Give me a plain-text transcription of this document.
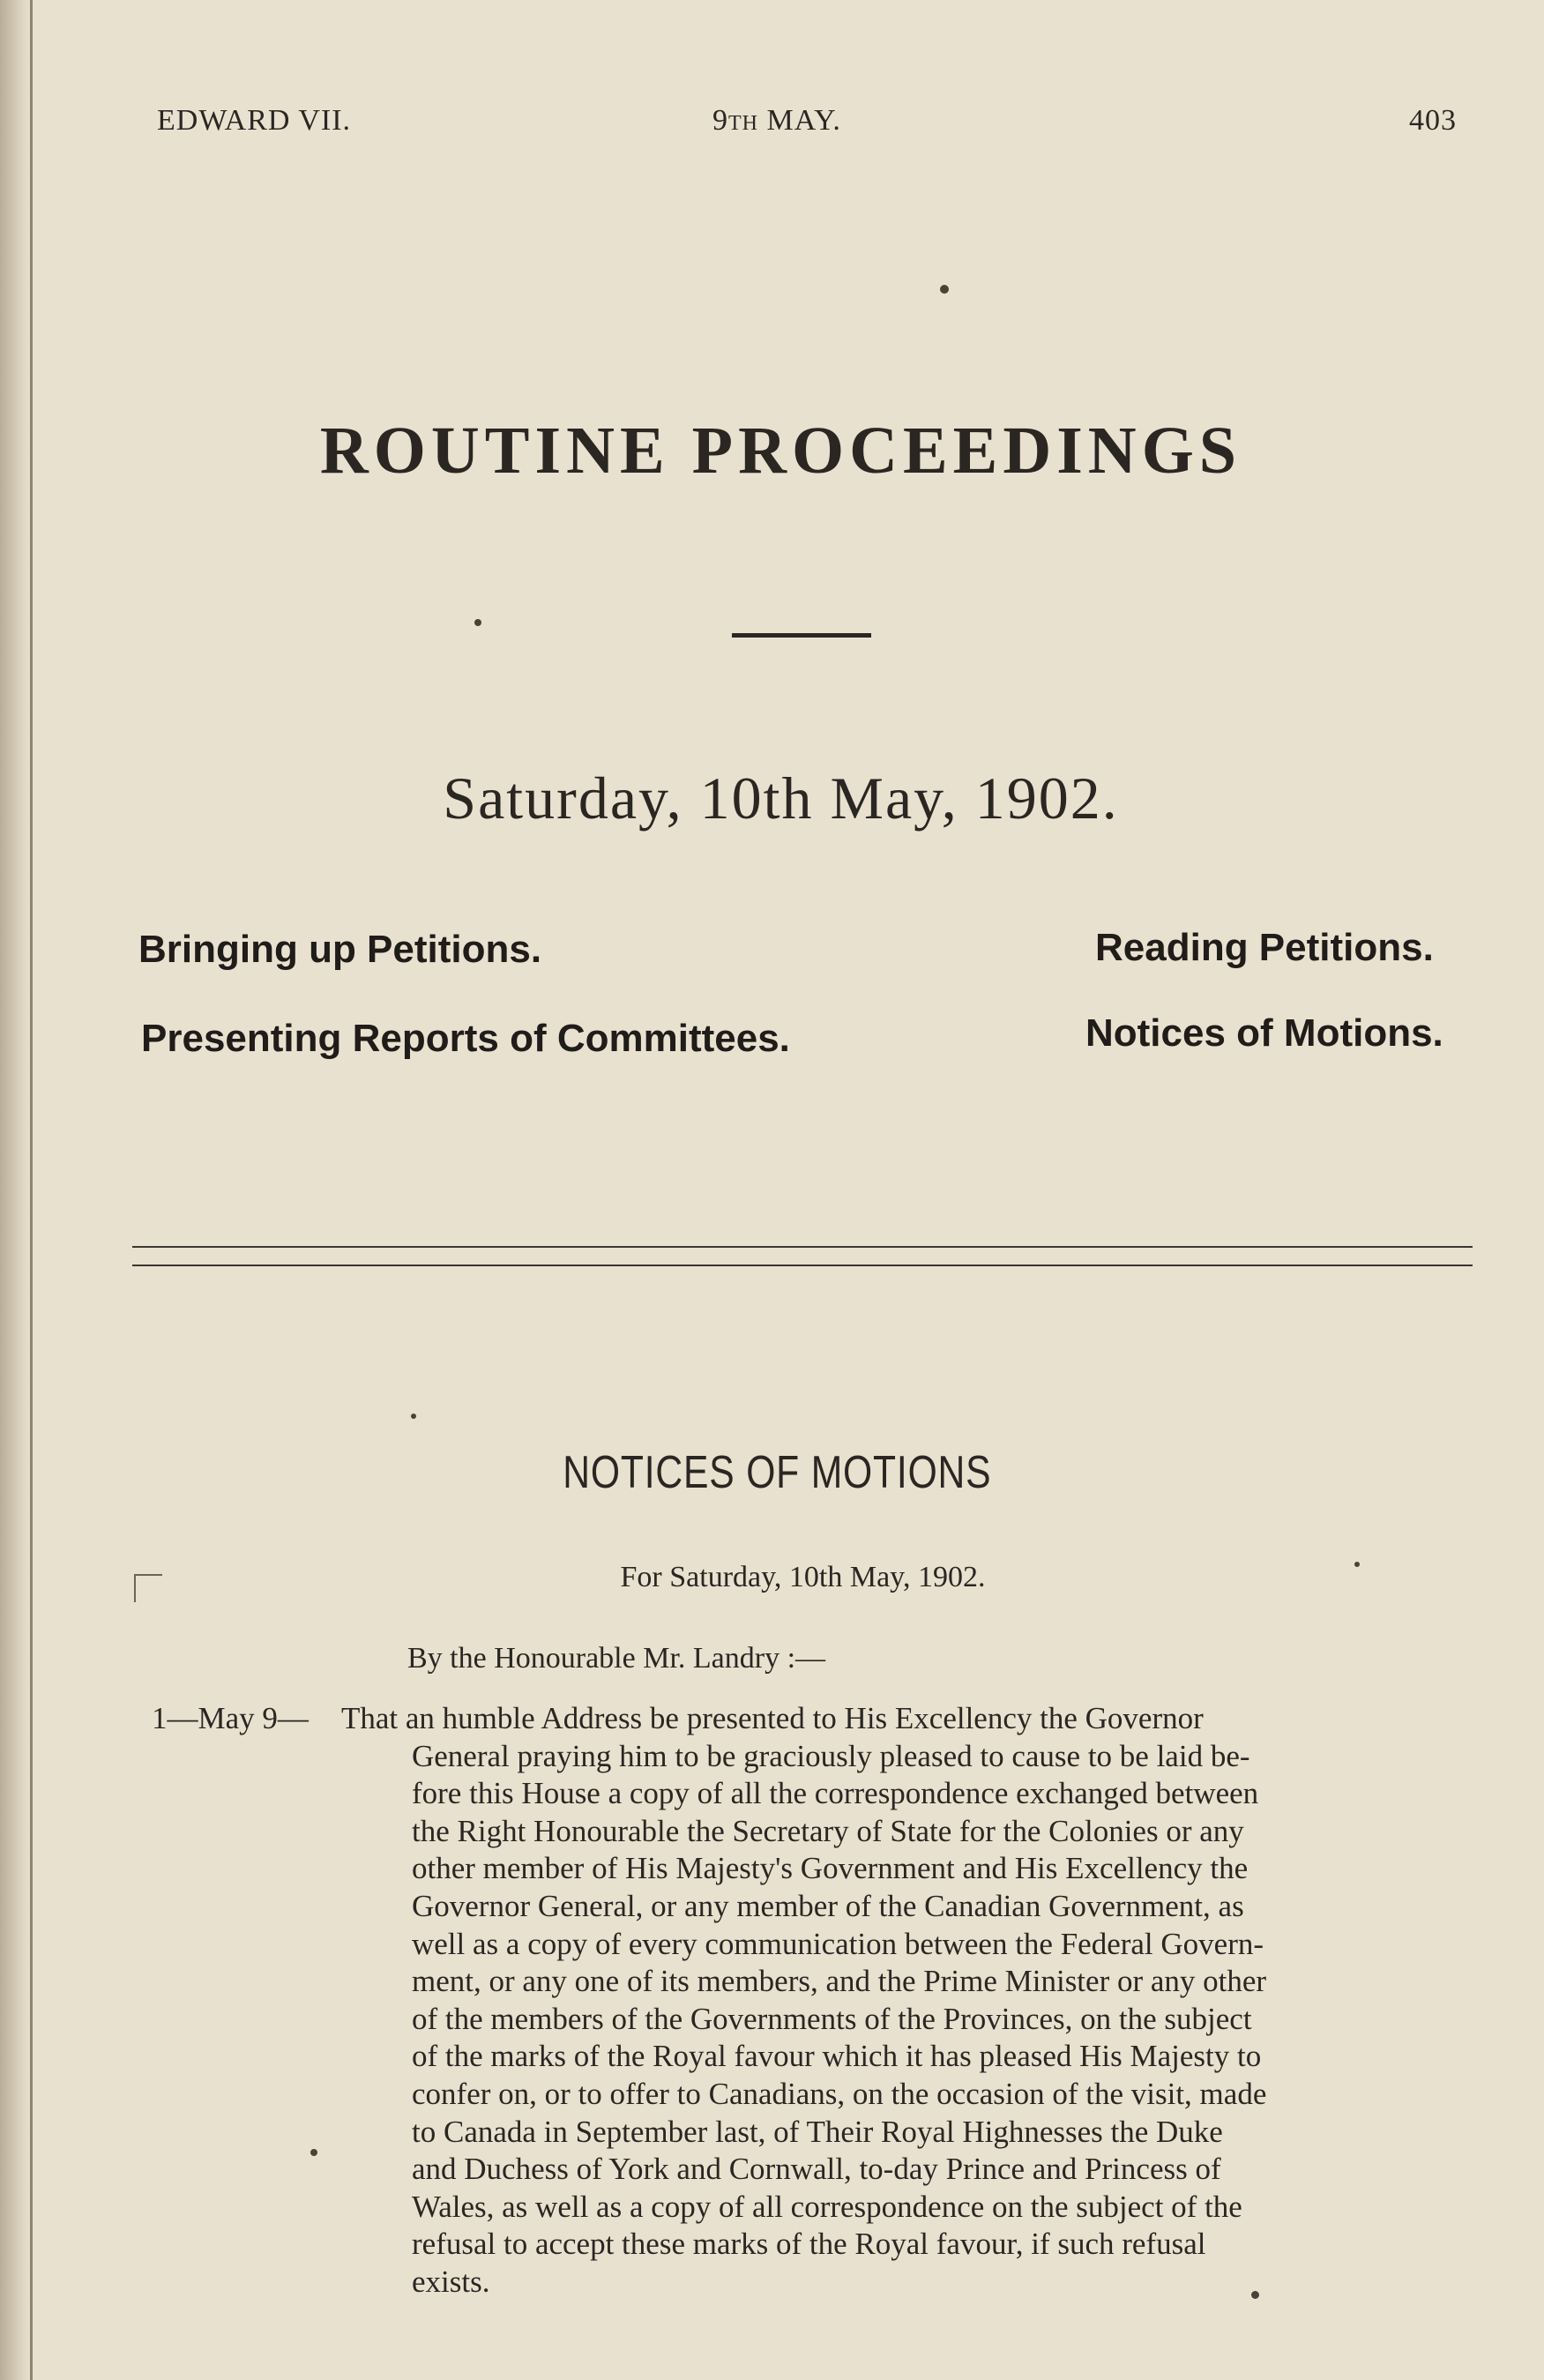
EDWARD VII.	9TH MAY.	403
ROUTINE PROCEEDINGS
Saturday, 10th May, 1902.
Bringing up Petitions.	Reading Petitions.
Presenting Reports of Committees.	Notices of Motions.
NOTICES OF MOTIONS
For Saturday, 10th May, 1902.
By the Honourable Mr. Landry :—
1—May 9— That an humble Address be presented to His Excellency the Governor
General praying him to be graciously pleased to cause to be laid be-
fore this House a copy of all the correspondence exchanged between
the Right Honourable the Secretary of State for the Colonies or any
other member of His Majesty's Government and His Excellency the
Governor General, or any member of the Canadian Government, as
well as a copy of every communication between the Federal Govern-
ment, or any one of its members, and the Prime Minister or any other
of the members of the Governments of the Provinces, on the subject
of the marks of the Royal favour which it has pleased His Majesty to
confer on, or to offer to Canadians, on the occasion of the visit, made
to Canada in September last, of Their Royal Highnesses the Duke
and Duchess of York and Cornwall, to-day Prince and Princess of
Wales, as well as a copy of all correspondence on the subject of the
refusal to accept these marks of the Royal favour, if such refusal
exists.
